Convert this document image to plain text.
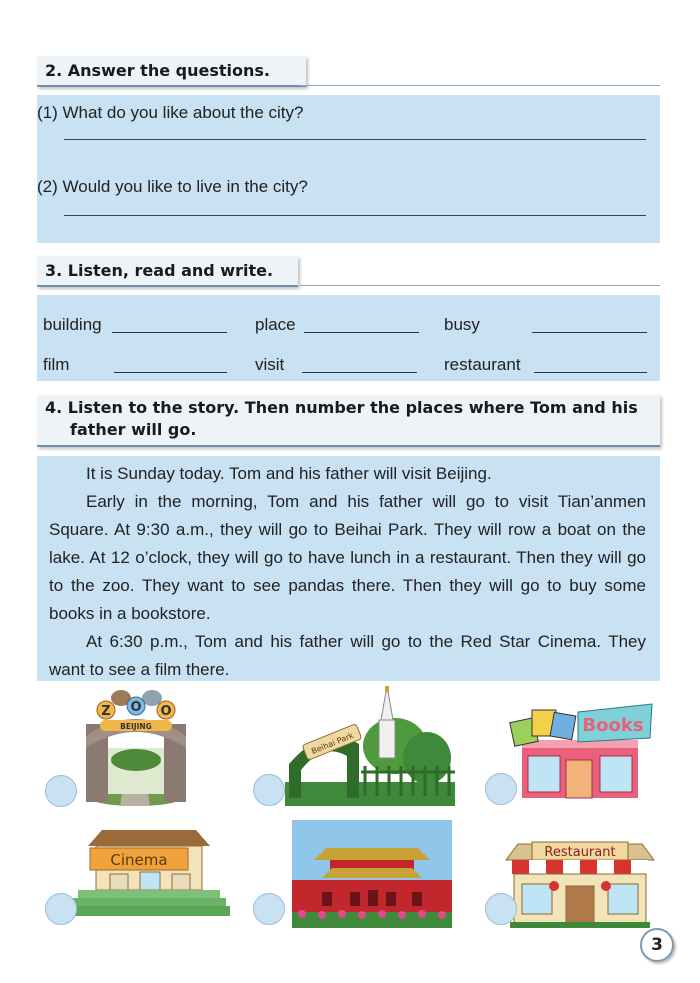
2. Answer the questions.
(1) What do you like about the city?
(2) Would you like to live in the city?
3. Listen, read and write.
building	place	busy
film	visit	restaurant
4. Listen to the story. Then number the places where Tom and his
father will go.

It is Sunday today. Tom and his father will visit Beijing.

Early in the morning, Tom and his father will go to visit Tian’anmen Square. At 9:30 a.m., they will go to Beihai Park. They will row a boat on the lake. At 12 o’clock, they will go to have lunch in a restaurant. Then they will go to the zoo. They want to see pandas there. Then they will go to buy some books in a bookstore.

At 6:30 p.m., Tom and his father will go to the Red Star Cinema. They want to see a film there.

Z O O
BEIJING
Beihai Park
Books
Cinema	Restaurant
3
